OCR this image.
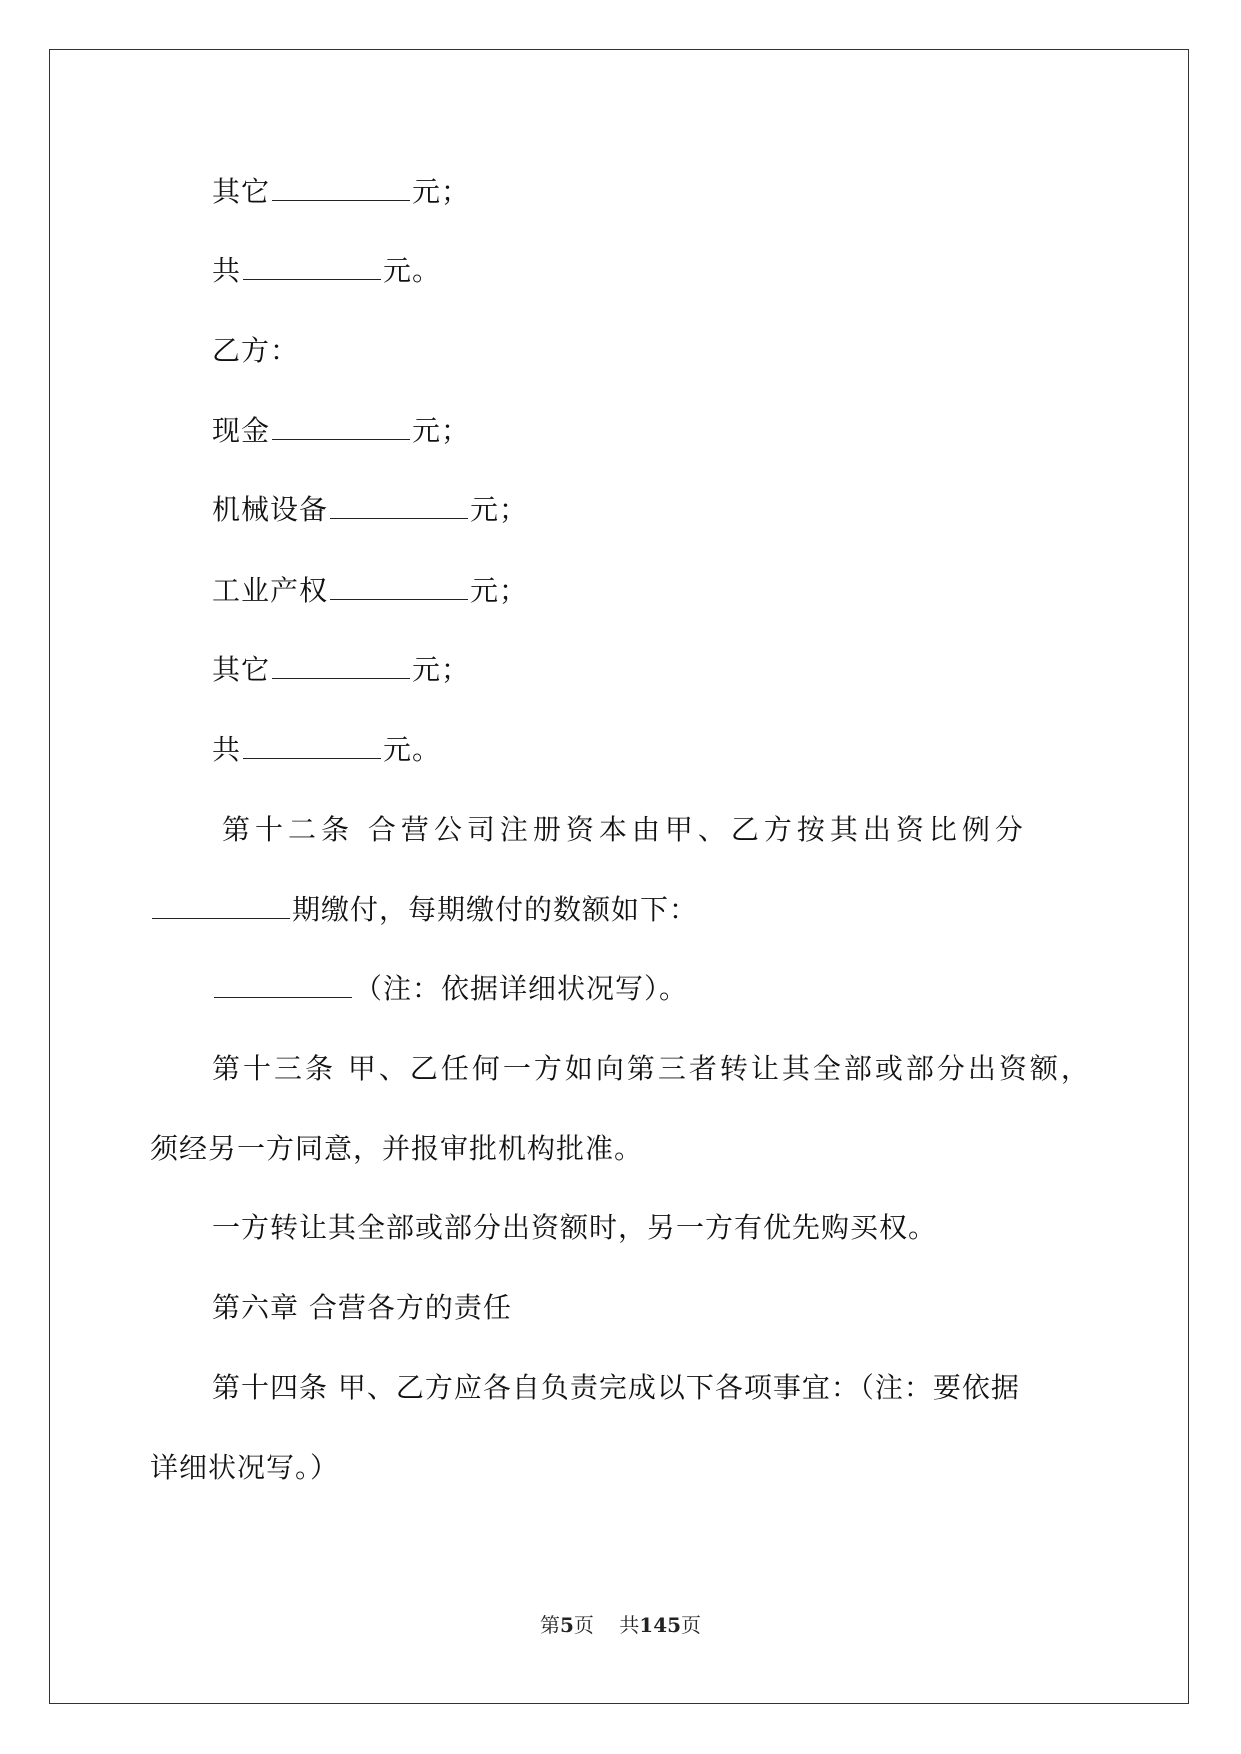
其它	元；
共	元。
乙方：
现金	元；
机械设备	元；
工业产权	元；
其它	元；
共	元。
第十二条 合营公司注册资本由甲、乙方按其出资比例分
期缴付，每期缴付的数额如下：
（注：依据详细状况写）。
第十三条 甲、乙任何一方如向第三者转让其全部或部分出资额，
须经另一方同意，并报审批机构批准。
一方转让其全部或部分出资额时，另一方有优先购买权。
第六章 合营各方的责任
第十四条 甲、乙方应各自负责完成以下各项事宜：（注：要依据
详细状况写。）
第5页 共145页
